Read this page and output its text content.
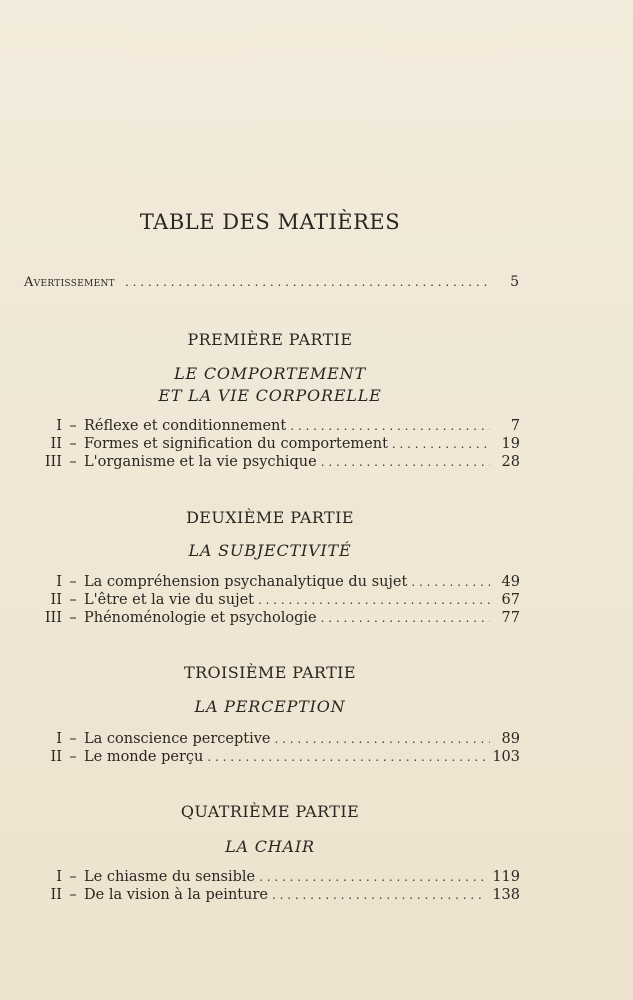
TABLE DES MATIÈRES
Avertissement . . .	5
PREMIÈRE PARTIE
LE COMPORTEMENT
ET LA VIE CORPORELLE
I – Réflexe et conditionnement . . .	7
II – Formes et signification du comportement . . .	19
III – L'organisme et la vie psychique . . .	28
DEUXIÈME PARTIE
LA SUBJECTIVITÉ
I – La compréhension psychanalytique du sujet . . .	49
II – L'être et la vie du sujet . . .	67
III – Phénoménologie et psychologie . . .	77
TROISIÈME PARTIE
LA PERCEPTION
I – La conscience perceptive . . .	89
II – Le monde perçu . . .	103
QUATRIÈME PARTIE
LA CHAIR
I – Le chiasme du sensible . . .	119
II – De la vision à la peinture . . .	138
